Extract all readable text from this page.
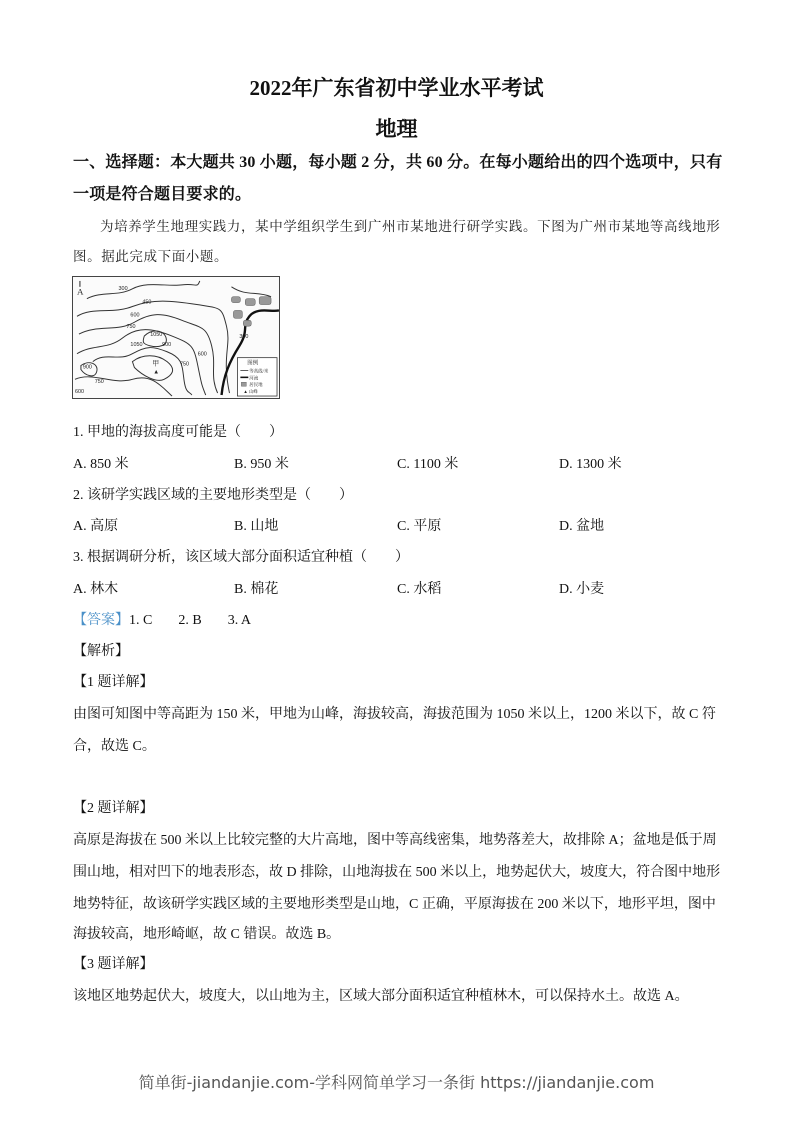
2022年广东省初中学业水平考试
地理
一、选择题：本大题共 30 小题，每小题 2 分，共 60 分。在每小题给出的四个选项中，只有
一项是符合题目要求的。
为培养学生地理实践力，某中学组织学生到广州市某地进行研学实践。下图为广州市某地等高线地形
图。据此完成下面小题。
A
甲
▲
300
450
600
750
1050
1050	900
900
750
600
750
600
300
图例
等高线/米
河流
居民地
▲ 山峰
1. 甲地的海拔高度可能是（　　）
A. 850 米	B. 950 米	C. 1100 米	D. 1300 米
2. 该研学实践区域的主要地形类型是（　　）
A. 高原	B. 山地	C. 平原	D. 盆地
3. 根据调研分析，该区域大部分面积适宜种植（　　）
A. 林木	B. 棉花	C. 水稻	D. 小麦
【答案】1. C 2. B 3. A
【解析】
【1 题详解】
由图可知图中等高距为 150 米，甲地为山峰，海拔较高，海拔范围为 1050 米以上，1200 米以下，故 C 符
合，故选 C。
【2 题详解】
高原是海拔在 500 米以上比较完整的大片高地，图中等高线密集，地势落差大，故排除 A；盆地是低于周
围山地，相对凹下的地表形态，故 D 排除，山地海拔在 500 米以上，地势起伏大，坡度大，符合图中地形
地势特征，故该研学实践区域的主要地形类型是山地，C 正确，平原海拔在 200 米以下，地形平坦，图中
海拔较高，地形崎岖，故 C 错误。故选 B。
【3 题详解】
该地区地势起伏大，坡度大，以山地为主，区域大部分面积适宜种植林木，可以保持水土。故选 A。
简单街-jiandanjie.com-学科网简单学习一条街 https://jiandanjie.com
